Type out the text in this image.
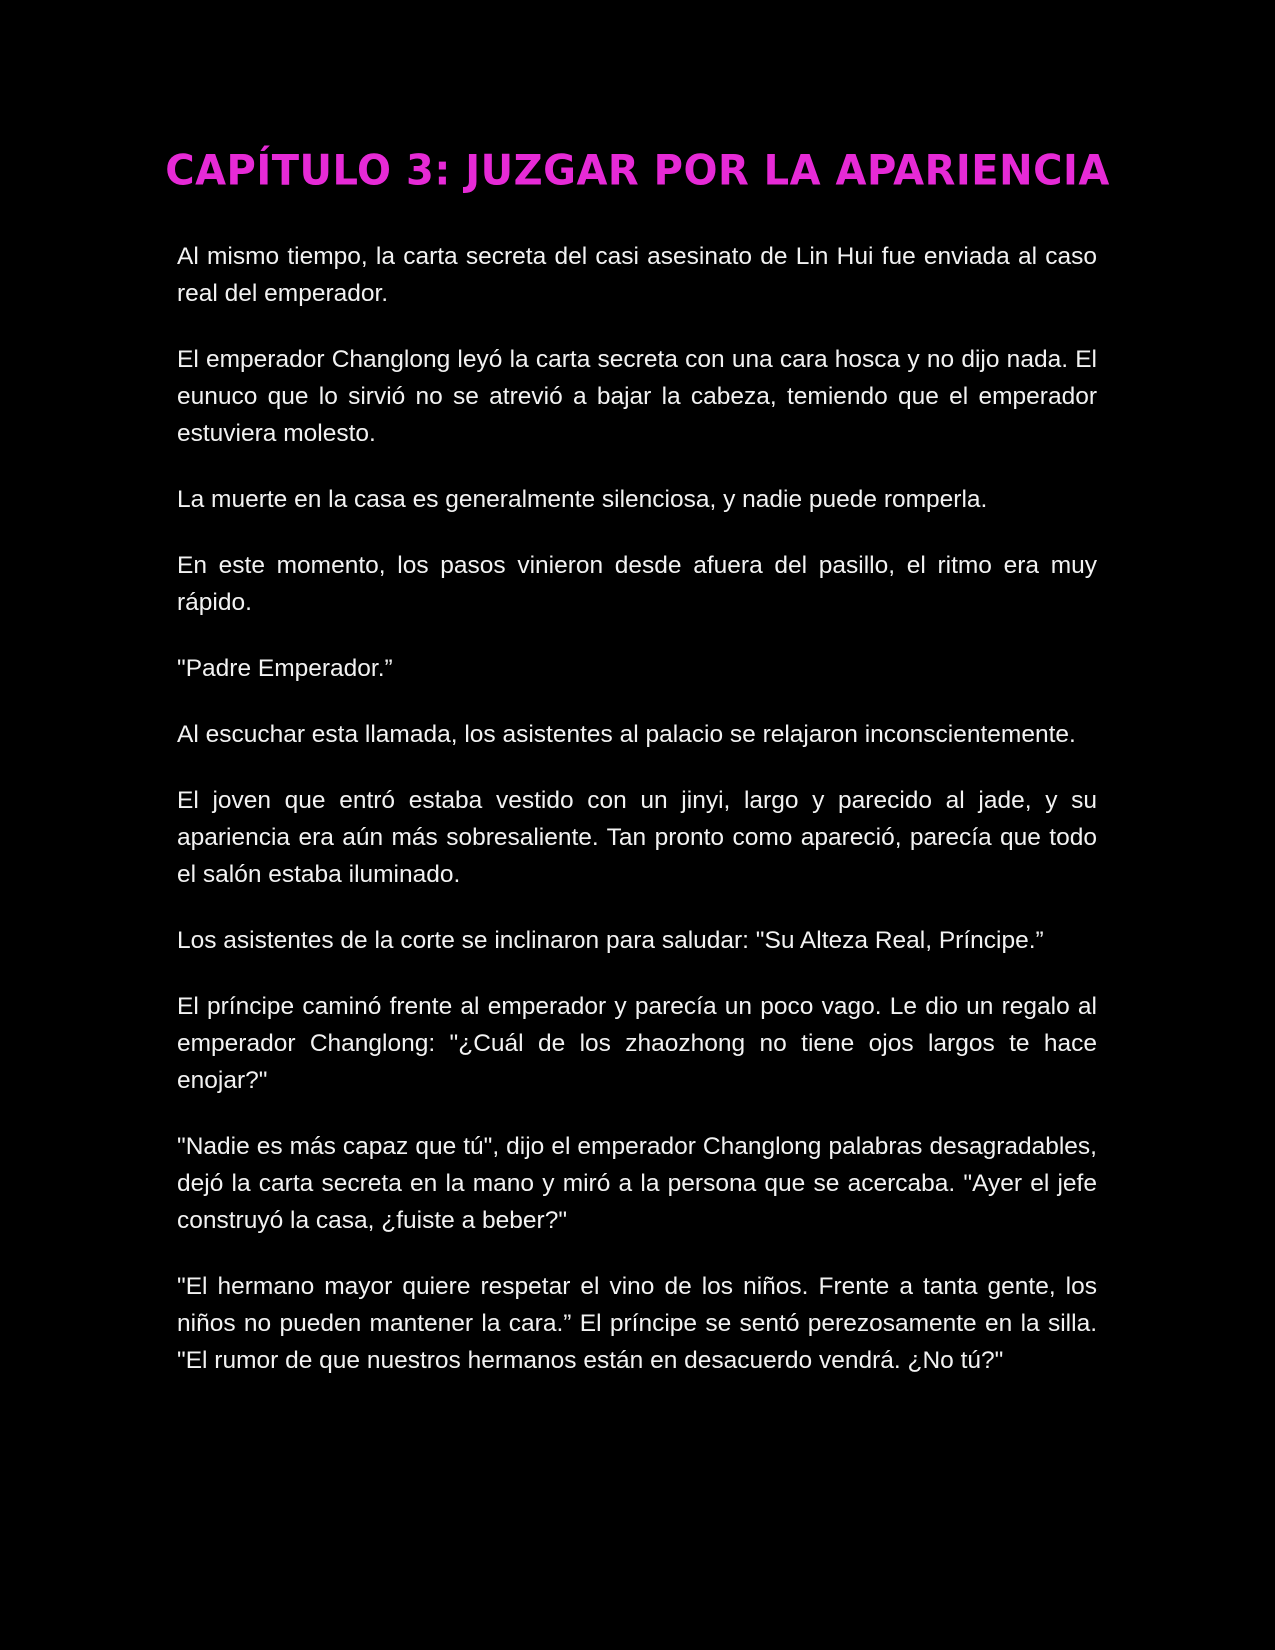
CAPÍTULO 3: JUZGAR POR LA APARIENCIA

Al mismo tiempo, la carta secreta del casi asesinato de Lin Hui fue enviada al caso real del emperador.

El emperador Changlong leyó la carta secreta con una cara hosca y no dijo nada. El eunuco que lo sirvió no se atrevió a bajar la cabeza, temiendo que el emperador estuviera molesto.

La muerte en la casa es generalmente silenciosa, y nadie puede romperla.

En este momento, los pasos vinieron desde afuera del pasillo, el ritmo era muy rápido.

"Padre Emperador.”

Al escuchar esta llamada, los asistentes al palacio se relajaron inconscientemente.

El joven que entró estaba vestido con un jinyi, largo y parecido al jade, y su apariencia era aún más sobresaliente. Tan pronto como apareció, parecía que todo el salón estaba iluminado.

Los asistentes de la corte se inclinaron para saludar: "Su Alteza Real, Príncipe.”

El príncipe caminó frente al emperador y parecía un poco vago. Le dio un regalo al emperador Changlong: "¿Cuál de los zhaozhong no tiene ojos largos te hace enojar?"

"Nadie es más capaz que tú", dijo el emperador Changlong palabras desagradables, dejó la carta secreta en la mano y miró a la persona que se acercaba. "Ayer el jefe construyó la casa, ¿fuiste a beber?"

"El hermano mayor quiere respetar el vino de los niños. Frente a tanta gente, los niños no pueden mantener la cara.” El príncipe se sentó perezosamente en la silla. "El rumor de que nuestros hermanos están en desacuerdo vendrá. ¿No tú?"
